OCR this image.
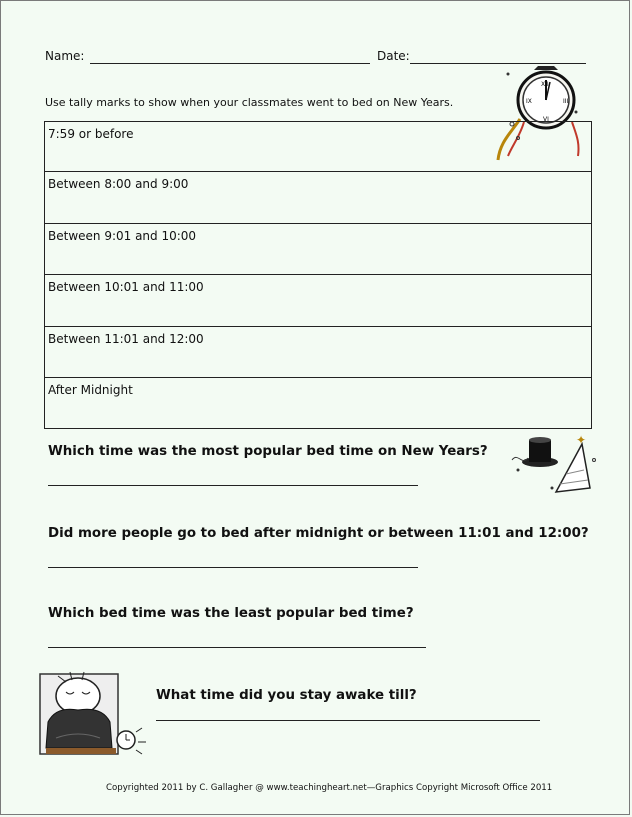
Name:	Date:
Use tally marks to show when your classmates went to bed on New Years.
XII
III
VI
IX
7:59 or before
Between 8:00 and 9:00
Between 9:01 and 10:00
Between 10:01 and 11:00
Between 11:01 and 12:00
After Midnight
✦
Which time was the most popular bed time on New Years?
Did more people go to bed after midnight or between 11:01 and 12:00?
Which bed time was the least popular bed time?
What time did you stay awake till?
Copyrighted 2011 by C. Gallagher @ www.teachingheart.net—Graphics Copyright Microsoft Office 2011
